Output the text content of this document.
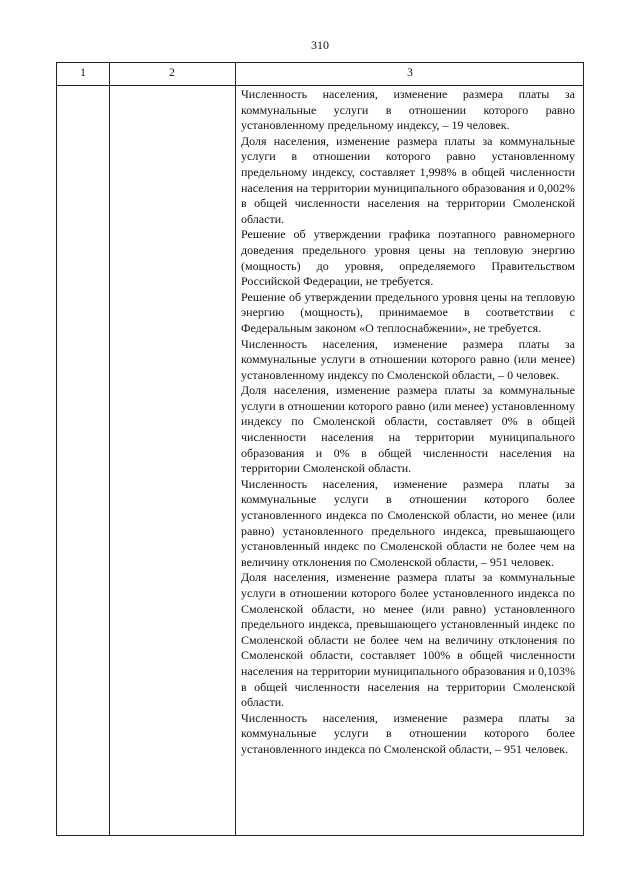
310
1	2	3

Численность населения, изменение размера платы за коммунальные услуги в отношении которого равно установленному предельному индексу, – 19 человек.

Доля населения, изменение размера платы за коммунальные услуги в отношении которого равно установленному предельному индексу, составляет 1,998% в общей численности населения на территории муниципального образования и 0,002% в общей численности населения на территории Смоленской области.

Решение об утверждении графика поэтапного равномерного доведения предельного уровня цены на тепловую энергию (мощность) до уровня, определяемого Правительством Российской Федерации, не требуется.

Решение об утверждении предельного уровня цены на тепловую энергию (мощность), принимаемое в соответствии с Федеральным законом «О теплоснабжении», не требуется.

Численность населения, изменение размера платы за коммунальные услуги в отношении которого равно (или менее) установленному индексу по Смоленской области, – 0 человек.

Доля населения, изменение размера платы за коммунальные услуги в отношении которого равно (или менее) установленному индексу по Смоленской области, составляет 0% в общей численности населения на территории муниципального образования и 0% в общей численности населения на территории Смоленской области.

Численность населения, изменение размера платы за коммунальные услуги в отношении которого более установленного индекса по Смоленской области, но менее (или равно) установленного предельного индекса, превышающего установленный индекс по Смоленской области не более чем на величину отклонения по Смоленской области, – 951 человек.

Доля населения, изменение размера платы за коммунальные услуги в отношении которого более установленного индекса по Смоленской области, но менее (или равно) установленного предельного индекса, превышающего установленный индекс по Смоленской области не более чем на величину отклонения по Смоленской области, составляет 100% в общей численности населения на территории муниципального образования и 0,103% в общей численности населения на территории Смоленской области.

Численность населения, изменение размера платы за коммунальные услуги в отношении которого более установленного индекса по Смоленской области, – 951 человек.
